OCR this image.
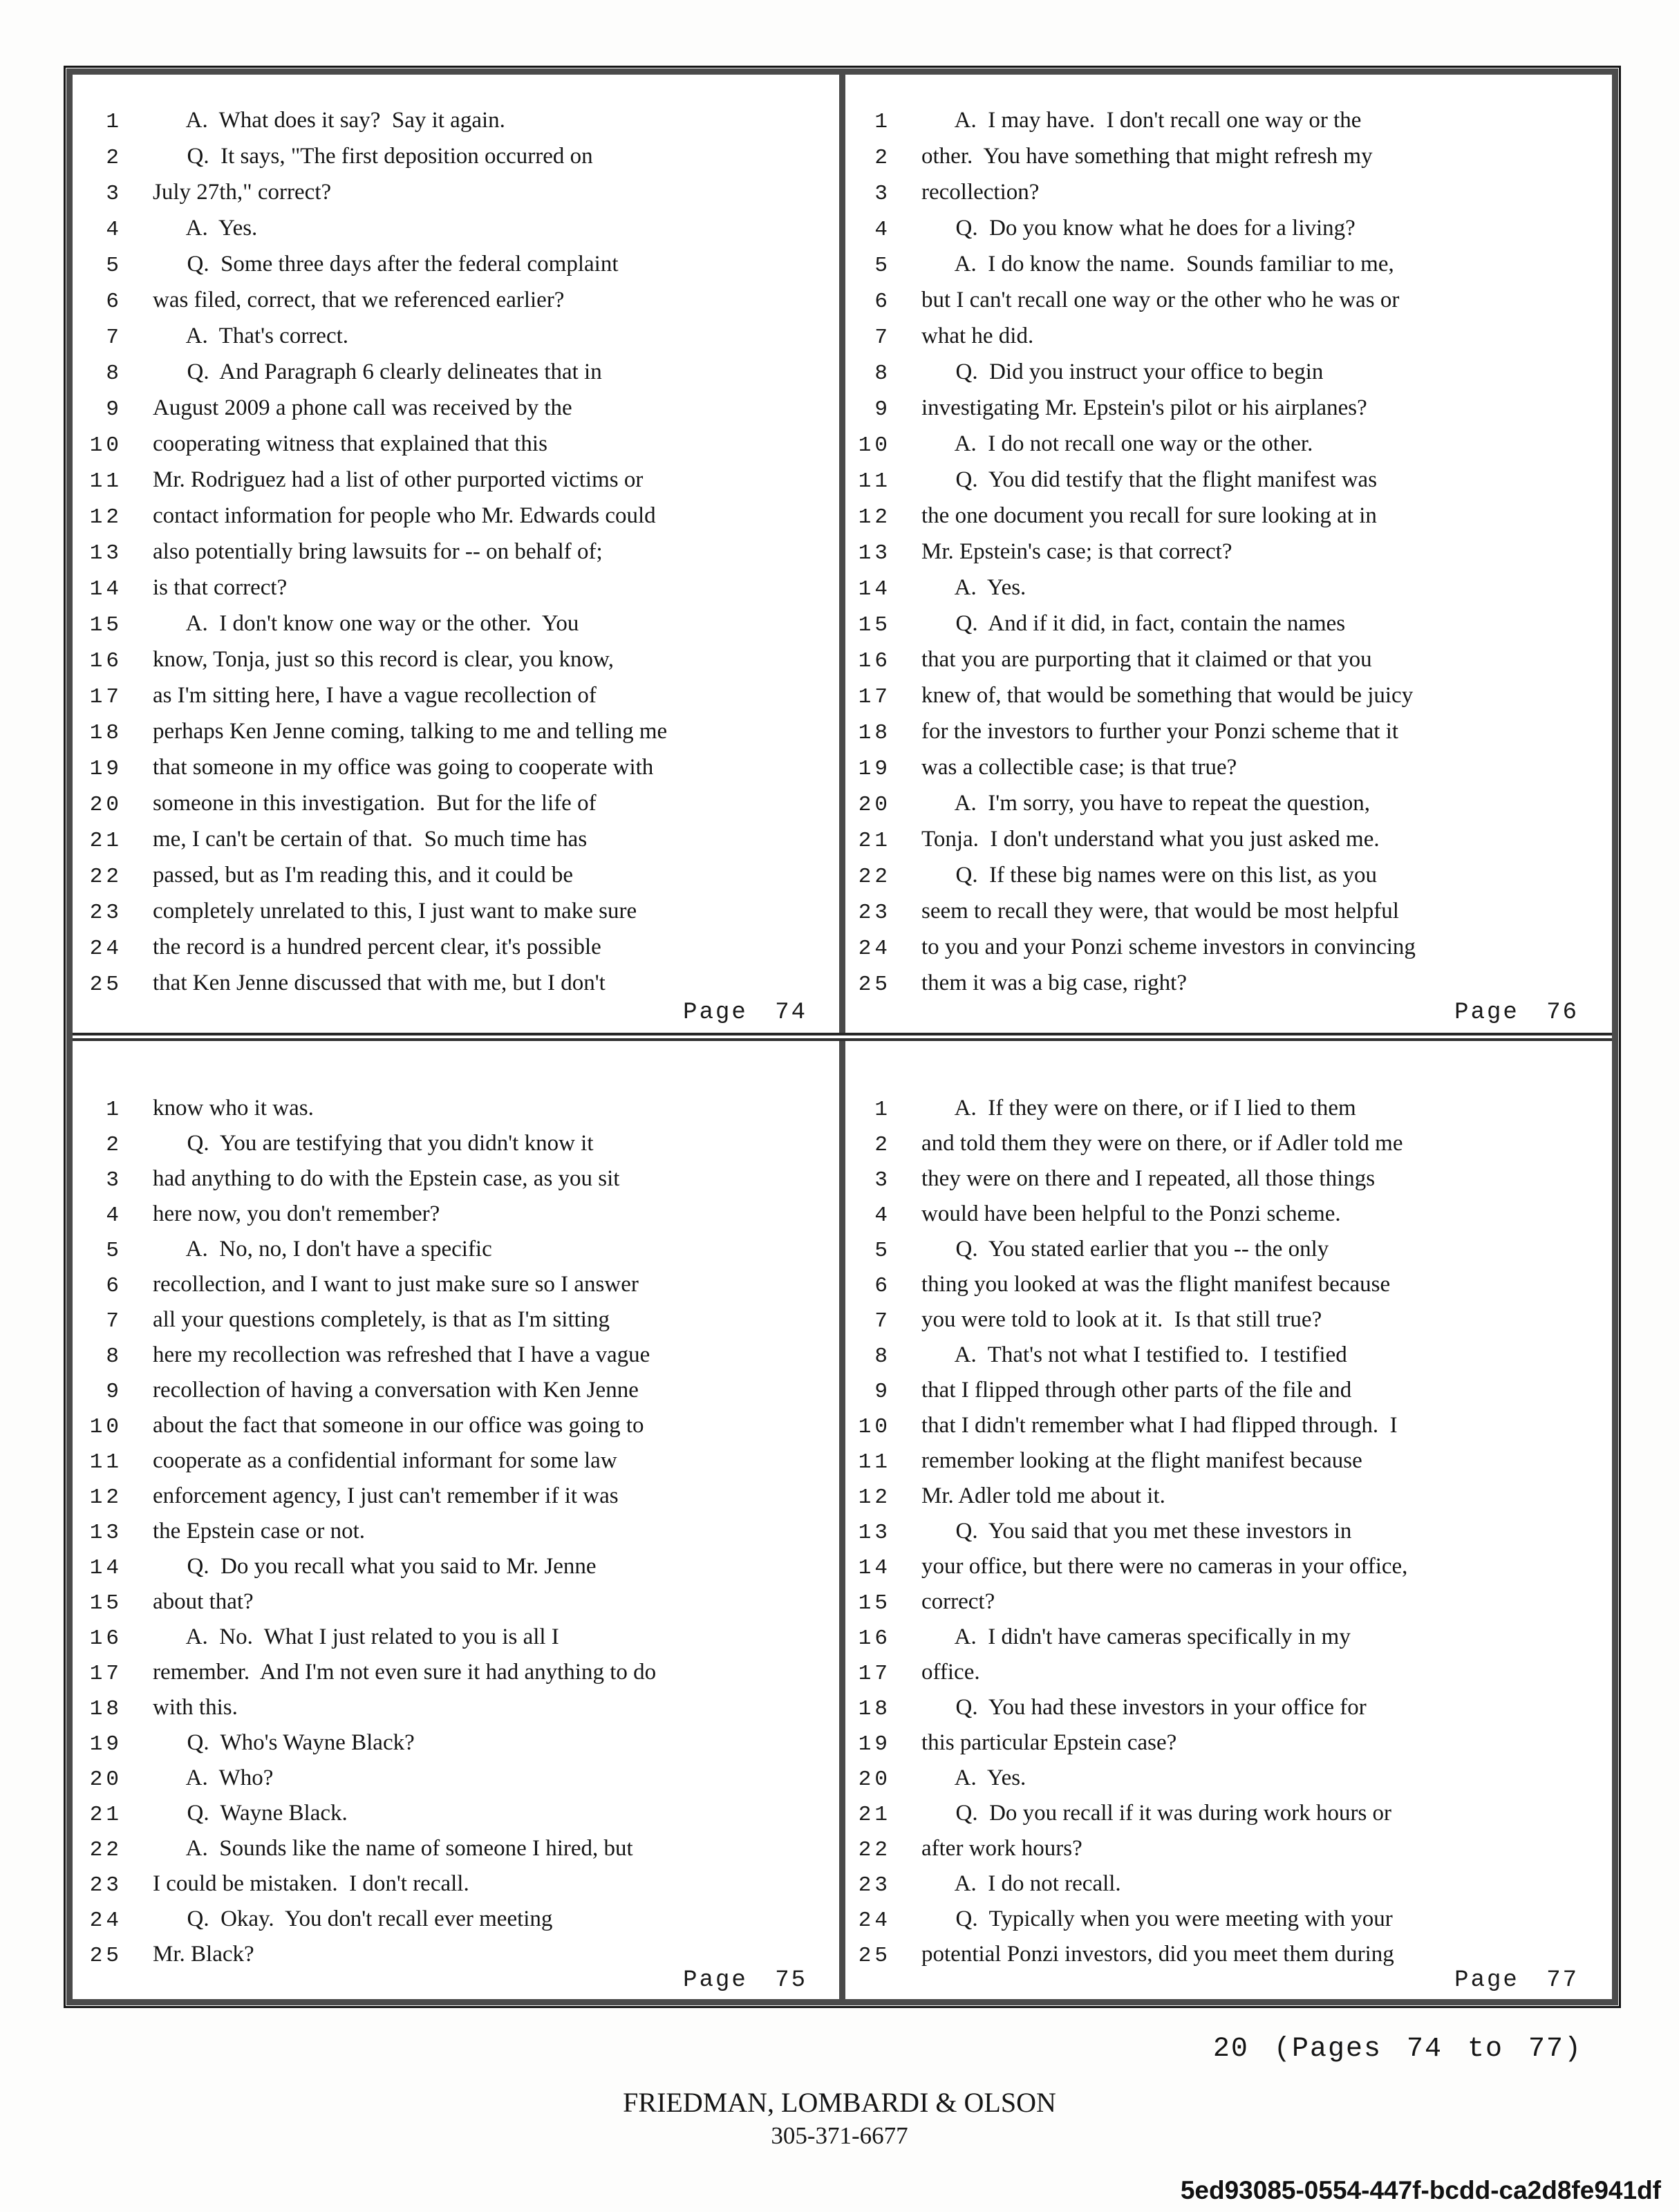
1      A.  What does it say?  Say it again.
2      Q.  It says, "The first deposition occurred on
3 July 27th," correct?
4      A.  Yes.
5      Q.  Some three days after the federal complaint
6 was filed, correct, that we referenced earlier?
7      A.  That's correct.
8      Q.  And Paragraph 6 clearly delineates that in
9 August 2009 a phone call was received by the
10 cooperating witness that explained that this
11 Mr. Rodriguez had a list of other purported victims or
12 contact information for people who Mr. Edwards could
13 also potentially bring lawsuits for -- on behalf of;
14 is that correct?
15      A.  I don't know one way or the other.  You
16 know, Tonja, just so this record is clear, you know,
17 as I'm sitting here, I have a vague recollection of
18 perhaps Ken Jenne coming, talking to me and telling me
19 that someone in my office was going to cooperate with
20 someone in this investigation.  But for the life of
21 me, I can't be certain of that.  So much time has
22 passed, but as I'm reading this, and it could be
23 completely unrelated to this, I just want to make sure
24 the record is a hundred percent clear, it's possible
25 that Ken Jenne discussed that with me, but I don't
Page 74
1      A.  I may have.  I don't recall one way or the
2 other.  You have something that might refresh my
3 recollection?
4      Q.  Do you know what he does for a living?
5      A.  I do know the name.  Sounds familiar to me,
6 but I can't recall one way or the other who he was or
7 what he did.
8      Q.  Did you instruct your office to begin
9 investigating Mr. Epstein's pilot or his airplanes?
10      A.  I do not recall one way or the other.
11      Q.  You did testify that the flight manifest was
12 the one document you recall for sure looking at in
13 Mr. Epstein's case; is that correct?
14      A.  Yes.
15      Q.  And if it did, in fact, contain the names
16 that you are purporting that it claimed or that you
17 knew of, that would be something that would be juicy
18 for the investors to further your Ponzi scheme that it
19 was a collectible case; is that true?
20      A.  I'm sorry, you have to repeat the question,
21 Tonja.  I don't understand what you just asked me.
22      Q.  If these big names were on this list, as you
23 seem to recall they were, that would be most helpful
24 to you and your Ponzi scheme investors in convincing
25 them it was a big case, right?
Page 76
1 know who it was.
2      Q.  You are testifying that you didn't know it
3 had anything to do with the Epstein case, as you sit
4 here now, you don't remember?
5      A.  No, no, I don't have a specific
6 recollection, and I want to just make sure so I answer
7 all your questions completely, is that as I'm sitting
8 here my recollection was refreshed that I have a vague
9 recollection of having a conversation with Ken Jenne
10 about the fact that someone in our office was going to
11 cooperate as a confidential informant for some law
12 enforcement agency, I just can't remember if it was
13 the Epstein case or not.
14      Q.  Do you recall what you said to Mr. Jenne
15 about that?
16      A.  No.  What I just related to you is all I
17 remember.  And I'm not even sure it had anything to do
18 with this.
19      Q.  Who's Wayne Black?
20      A.  Who?
21      Q.  Wayne Black.
22      A.  Sounds like the name of someone I hired, but
23 I could be mistaken.  I don't recall.
24      Q.  Okay.  You don't recall ever meeting
25 Mr. Black?
Page 75
1      A.  If they were on there, or if I lied to them
2 and told them they were on there, or if Adler told me
3 they were on there and I repeated, all those things
4 would have been helpful to the Ponzi scheme.
5      Q.  You stated earlier that you -- the only
6 thing you looked at was the flight manifest because
7 you were told to look at it.  Is that still true?
8      A.  That's not what I testified to.  I testified
9 that I flipped through other parts of the file and
10 that I didn't remember what I had flipped through.  I
11 remember looking at the flight manifest because
12 Mr. Adler told me about it.
13      Q.  You said that you met these investors in
14 your office, but there were no cameras in your office,
15 correct?
16      A.  I didn't have cameras specifically in my
17 office.
18      Q.  You had these investors in your office for
19 this particular Epstein case?
20      A.  Yes.
21      Q.  Do you recall if it was during work hours or
22 after work hours?
23      A.  I do not recall.
24      Q.  Typically when you were meeting with your
25 potential Ponzi investors, did you meet them during
Page 77
20 (Pages 74 to 77)
FRIEDMAN, LOMBARDI & OLSON
305-371-6677
5ed93085-0554-447f-bcdd-ca2d8fe941df
